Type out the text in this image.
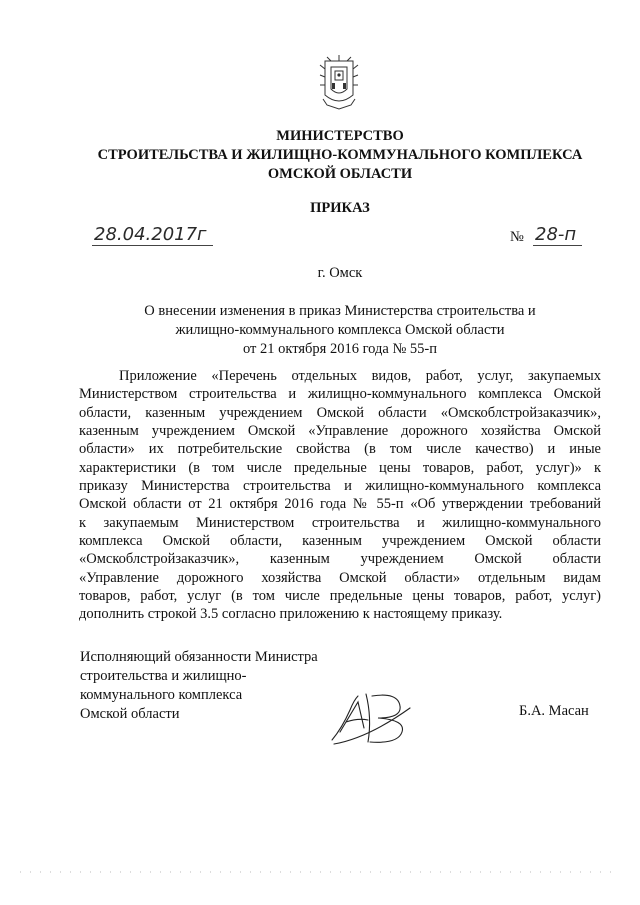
МИНИСТЕРСТВО
СТРОИТЕЛЬСТВА И ЖИЛИЩНО-КОММУНАЛЬНОГО КОМПЛЕКСА
ОМСКОЙ ОБЛАСТИ
ПРИКАЗ
28.04.2017г	№ 28-п
г. Омск
О внесении изменения в приказ Министерства строительства и
жилищно-коммунального комплекса Омской области
от 21 октября 2016 года № 55-п
Приложение «Перечень отдельных видов, работ, услуг, закупаемых
Министерством строительства и жилищно-коммунального комплекса Омской
области, казенным учреждением Омской области «Омскоблстройзаказчик»,
казенным учреждением Омской «Управление дорожного хозяйства Омской
области» их потребительские свойства (в том числе качество) и иные
характеристики (в том числе предельные цены товаров, работ, услуг)» к
приказу Министерства строительства и жилищно-коммунального комплекса
Омской области от 21 октября 2016 года № 55-п «Об утверждении требований
к закупаемым Министерством строительства и жилищно-коммунального
комплекса Омской области, казенным учреждением Омской области
«Омскоблстройзаказчик», казенным учреждением Омской области
«Управление дорожного хозяйства Омской области» отдельным видам
товаров, работ, услуг (в том числе предельные цены товаров, работ, услуг)
дополнить строкой 3.5 согласно приложению к настоящему приказу.
Исполняющий обязанности Министра
строительства и жилищно-
коммунального комплекса
Омской области	Б.А. Масан
